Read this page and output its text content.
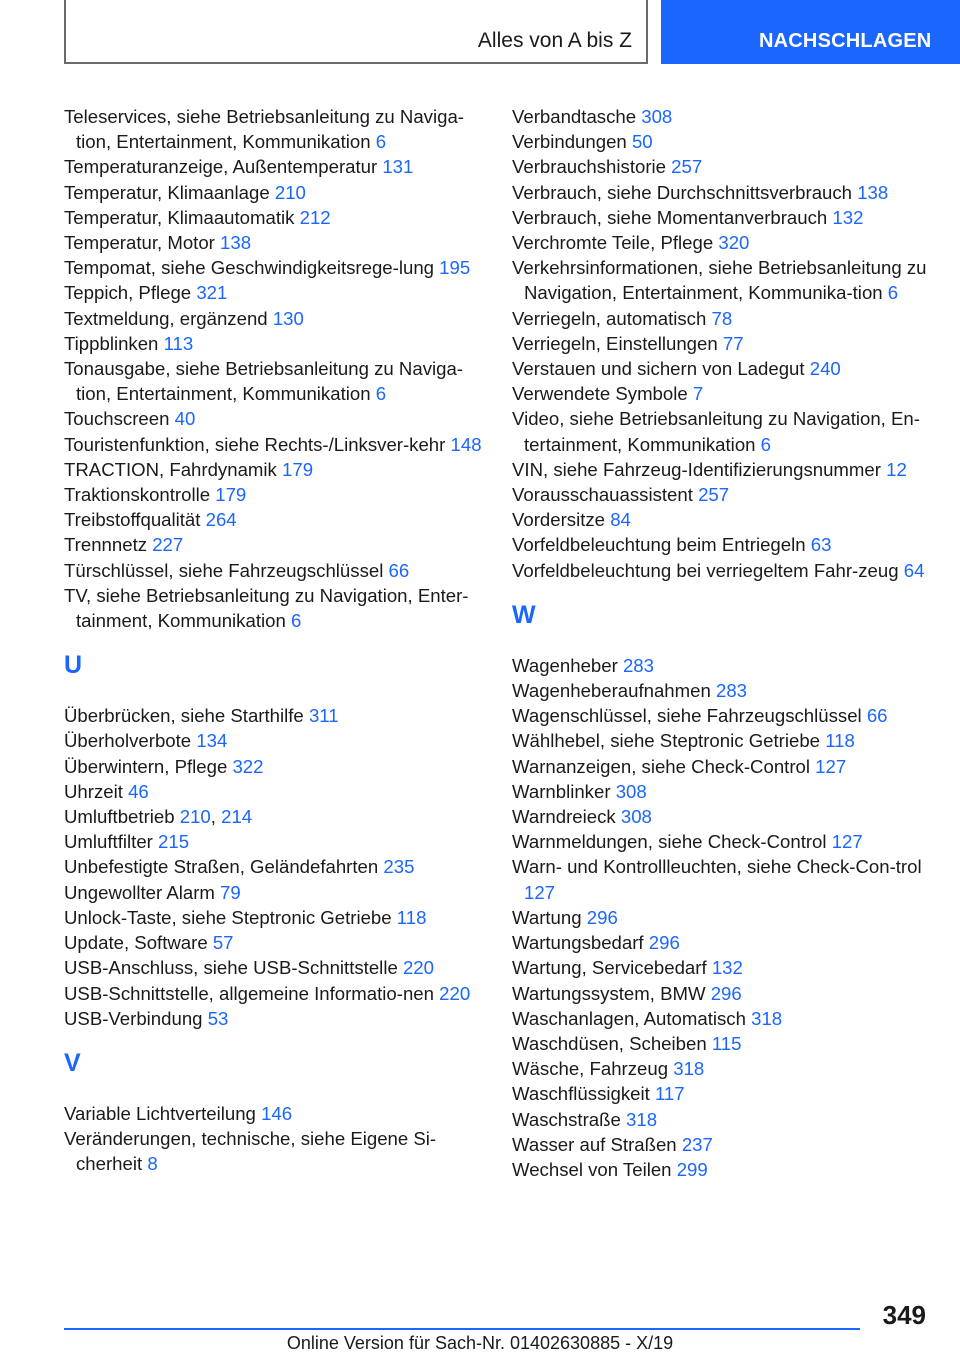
Alles von A bis Z	NACHSCHLAGEN
Teleservices, siehe Betriebsanleitung zu Naviga-tion, Entertainment, Kommunikation 6
Temperaturanzeige, Außentemperatur 131
Temperatur, Klimaanlage 210
Temperatur, Klimaautomatik 212
Temperatur, Motor 138
Tempomat, siehe Geschwindigkeitsrege-lung 195
Teppich, Pflege 321
Textmeldung, ergänzend 130
Tippblinken 113
Tonausgabe, siehe Betriebsanleitung zu Naviga-tion, Entertainment, Kommunikation 6
Touchscreen 40
Touristenfunktion, siehe Rechts-/Linksver-kehr 148
TRACTION, Fahrdynamik 179
Traktionskontrolle 179
Treibstoffqualität 264
Trennnetz 227
Türschlüssel, siehe Fahrzeugschlüssel 66
TV, siehe Betriebsanleitung zu Navigation, Enter-tainment, Kommunikation 6
U
Überbrücken, siehe Starthilfe 311
Überholverbote 134
Überwintern, Pflege 322
Uhrzeit 46
Umluftbetrieb 210, 214
Umluftfilter 215
Unbefestigte Straßen, Geländefahrten 235
Ungewollter Alarm 79
Unlock-Taste, siehe Steptronic Getriebe 118
Update, Software 57
USB-Anschluss, siehe USB-Schnittstelle 220
USB-Schnittstelle, allgemeine Informatio-nen 220
USB-Verbindung 53
V
Variable Lichtverteilung 146
Veränderungen, technische, siehe Eigene Si-cherheit 8
Verbandtasche 308
Verbindungen 50
Verbrauchshistorie 257
Verbrauch, siehe Durchschnittsverbrauch 138
Verbrauch, siehe Momentanverbrauch 132
Verchromte Teile, Pflege 320
Verkehrsinformationen, siehe Betriebsanleitung zu Navigation, Entertainment, Kommunika-tion 6
Verriegeln, automatisch 78
Verriegeln, Einstellungen 77
Verstauen und sichern von Ladegut 240
Verwendete Symbole 7
Video, siehe Betriebsanleitung zu Navigation, En-tertainment, Kommunikation 6
VIN, siehe Fahrzeug-Identifizierungsnummer 12
Vorausschauassistent 257
Vordersitze 84
Vorfeldbeleuchtung beim Entriegeln 63
Vorfeldbeleuchtung bei verriegeltem Fahr-zeug 64
W
Wagenheber 283
Wagenheberaufnahmen 283
Wagenschlüssel, siehe Fahrzeugschlüssel 66
Wählhebel, siehe Steptronic Getriebe 118
Warnanzeigen, siehe Check-Control 127
Warnblinker 308
Warndreieck 308
Warnmeldungen, siehe Check-Control 127
Warn- und Kontrollleuchten, siehe Check-Con-trol 127
Wartung 296
Wartungsbedarf 296
Wartung, Servicebedarf 132
Wartungssystem, BMW 296
Waschanlagen, Automatisch 318
Waschdüsen, Scheiben 115
Wäsche, Fahrzeug 318
Waschflüssigkeit 117
Waschstraße 318
Wasser auf Straßen 237
Wechsel von Teilen 299
349
Online Version für Sach-Nr. 01402630885 - X/19
